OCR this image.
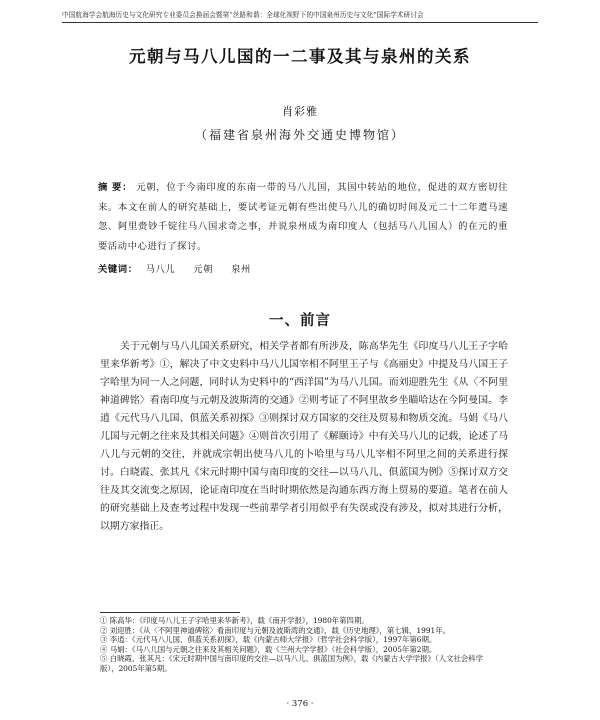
中国航海学会航海历史与文化研究专业委员会换届会暨第“丝路和谐：全球化视野下的中国泉州历史与文化”国际学术研讨会
元朝与马八儿国的一二事及其与泉州的关系
肖彩雅
（福建省泉州海外交通史博物馆）
摘 要： 元朝，位于今南印度的东南一带的马八儿国，其国中转站的地位，促进的双方密切往来。本文在前人的研究基础上，要试考证元朝有些出使马八儿的确切时间及元二十二年遣马速忽、阿里赍钞千锭往马八国求奇之事，并说泉州成为南印度人（包括马八儿国人）的在元的重要活动中心进行了探讨。
关键词： 马八儿 元朝 泉州
一、前言

关于元朝与马八儿国关系研究，相关学者都有所涉及，陈高华先生《印度马八儿王子字哈里来华新考》①，解决了中文史料中马八儿国宰相不阿里王子与《高丽史》中提及马八国王子字哈里为同一人之问题，同时认为史料中的“西洋国”为马八儿国。而刘迎胜先生《从〈不阿里神道碑铭〉看南印度与元朝及波斯湾的交通》②则考证了不阿里故乡坐瞄哈达在今阿曼国。李逍《元代马八儿国、俱蓝关系初探》③则探讨双方国家的交往及贸易和物质交流。马娟《马八儿国与元朝之往来及其相关问题》④则首次引用了《解颐诗》中有关马八儿的记载，论述了马八儿与元朝的交往，并就成宗朝出使马八儿的卜哈里与马八儿宰相不阿里之间的关系进行探讨。白晓霞、张其凡《宋元时期中国与南印度的交往—以马八儿、俱蓝国为例》⑤探讨双方交往及其交流变之原因，论证南印度在当时时期依然是沟通东西方海上贸易的要道。笔者在前人的研究基础上及查考过程中发现一些前辈学者引用似乎有失误或没有涉及，拟对其进行分析，以期方家指正。

① 陈高华：《印度马八儿王子字哈里来华新考》，载《南开学报》，1980年第四期。
② 刘迎胜：《从〈不阿里神道碑铭〉看南印度与元朝及波斯湾的交通》，载《历史地理》，第七辑，1991年。
③ 李逍：《元代马八儿国、俱蓝关系初探》，载《内蒙古师大学报》（哲学社会科学版），1997年第6期。
④ 马娟：《马八儿国与元朝之往来及其相关问题》，载《兰州大学学报》（社会科学版），2005年第2期。
⑤ 白晓霞、张其凡：《宋元时期中国与南印度的交往—以马八儿、俱蓝国为例》，载《内蒙古大学学报》（人文社会科学版），2005年第5期。
· 376 ·
